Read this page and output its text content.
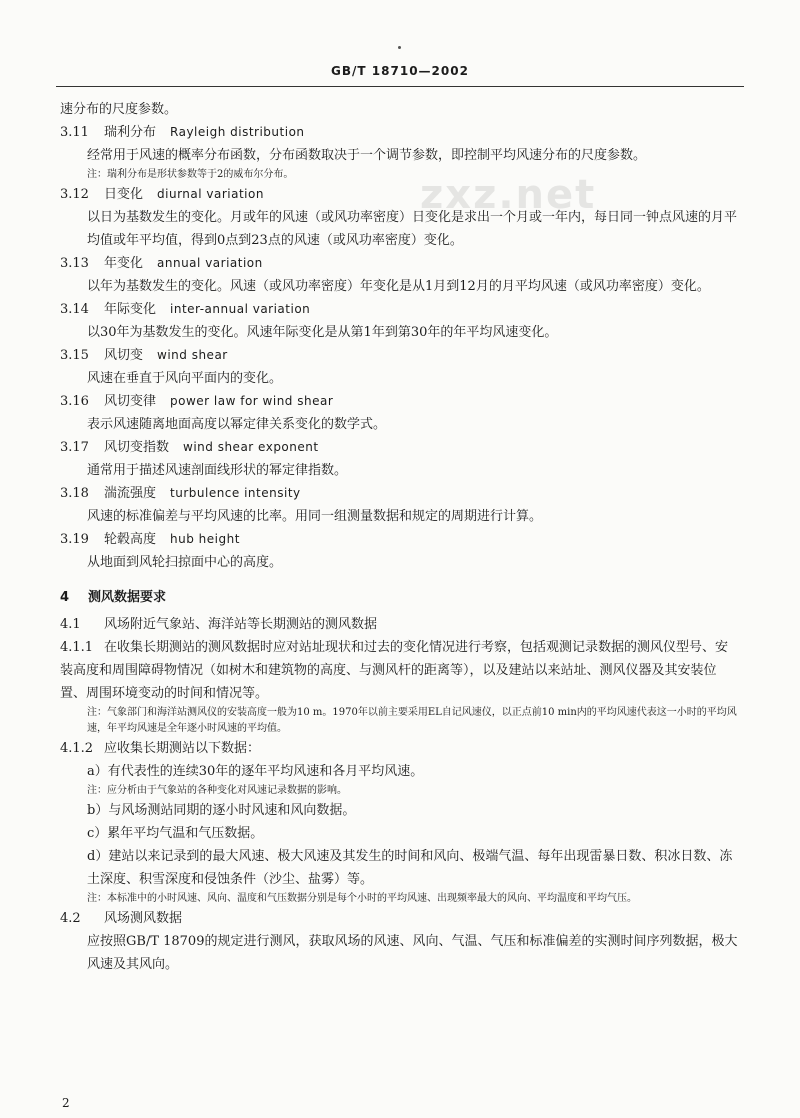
GB/T 18710—2002
zxz.net
速分布的尺度参数。
3.11 瑞利分布 Rayleigh distribution
经常用于风速的概率分布函数，分布函数取决于一个调节参数，即控制平均风速分布的尺度参数。
注：瑞利分布是形状参数等于2的威布尔分布。
3.12 日变化 diurnal variation
以日为基数发生的变化。月或年的风速（或风功率密度）日变化是求出一个月或一年内，每日同一钟点风速的月平均值或年平均值，得到0点到23点的风速（或风功率密度）变化。
3.13 年变化 annual variation
以年为基数发生的变化。风速（或风功率密度）年变化是从1月到12月的月平均风速（或风功率密度）变化。
3.14 年际变化 inter-annual variation
以30年为基数发生的变化。风速年际变化是从第1年到第30年的年平均风速变化。
3.15 风切变 wind shear
风速在垂直于风向平面内的变化。
3.16 风切变律 power law for wind shear
表示风速随离地面高度以幂定律关系变化的数学式。
3.17 风切变指数 wind shear exponent
通常用于描述风速剖面线形状的幂定律指数。
3.18 湍流强度 turbulence intensity
风速的标准偏差与平均风速的比率。用同一组测量数据和规定的周期进行计算。
3.19 轮毂高度 hub height
从地面到风轮扫掠面中心的高度。
4 测风数据要求
4.1 风场附近气象站、海洋站等长期测站的测风数据
4.1.1 在收集长期测站的测风数据时应对站址现状和过去的变化情况进行考察，包括观测记录数据的测风仪型号、安装高度和周围障碍物情况（如树木和建筑物的高度、与测风杆的距离等），以及建站以来站址、测风仪器及其安装位置、周围环境变动的时间和情况等。
注：气象部门和海洋站测风仪的安装高度一般为10 m。1970年以前主要采用EL自记风速仪，以正点前10 min内的平均风速代表这一小时的平均风速，年平均风速是全年逐小时风速的平均值。
4.1.2 应收集长期测站以下数据：
a）有代表性的连续30年的逐年平均风速和各月平均风速。
注：应分析由于气象站的各种变化对风速记录数据的影响。
b）与风场测站同期的逐小时风速和风向数据。
c）累年平均气温和气压数据。
d）建站以来记录到的最大风速、极大风速及其发生的时间和风向、极端气温、每年出现雷暴日数、积冰日数、冻土深度、积雪深度和侵蚀条件（沙尘、盐雾）等。
注：本标准中的小时风速、风向、温度和气压数据分别是每个小时的平均风速、出现频率最大的风向、平均温度和平均气压。
4.2 风场测风数据
应按照GB/T 18709的规定进行测风，获取风场的风速、风向、气温、气压和标准偏差的实测时间序列数据，极大风速及其风向。
2
